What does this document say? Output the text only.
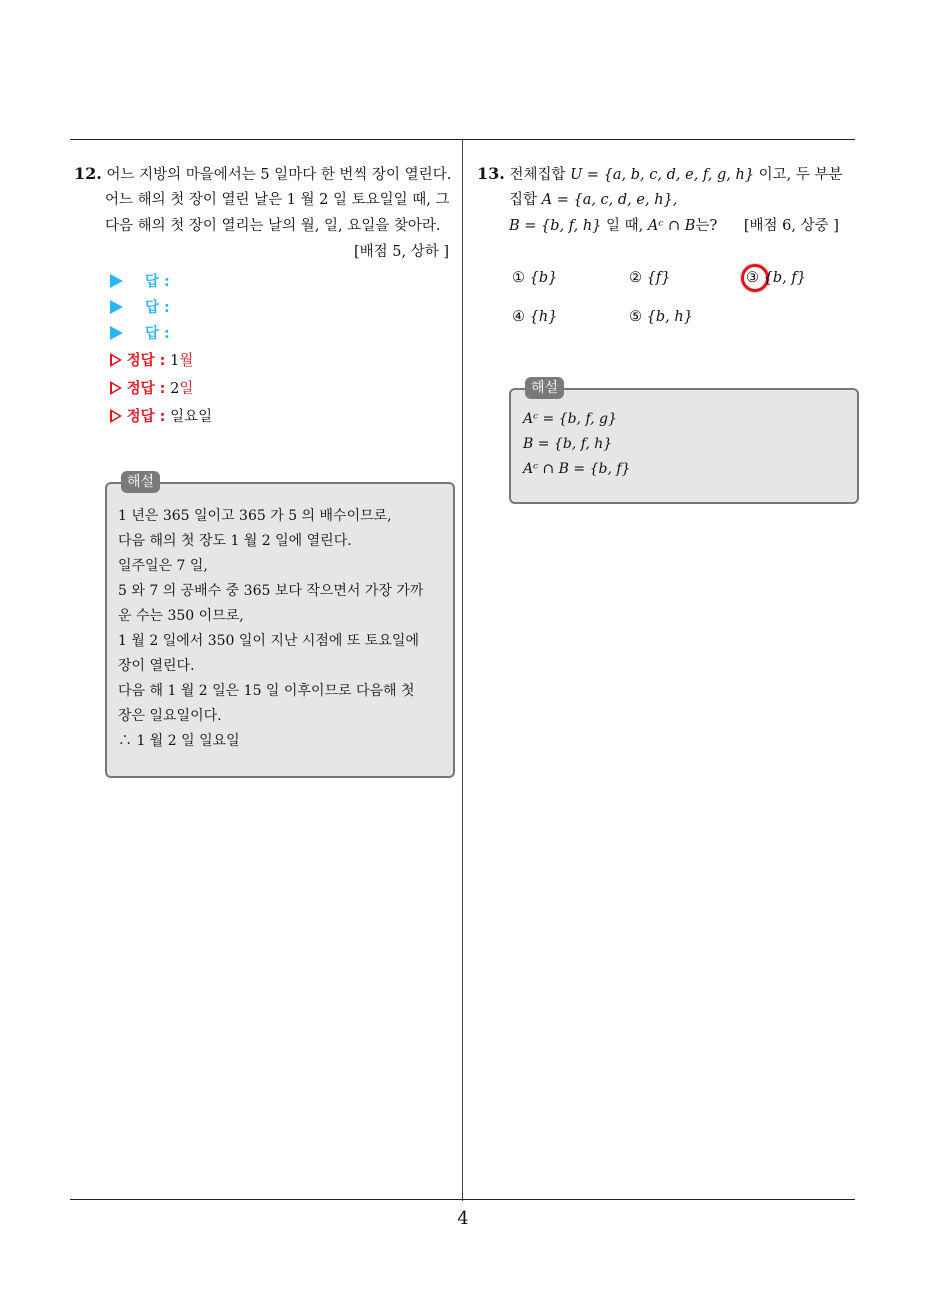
12. 어느 지방의 마을에서는 5 일마다 한 번씩 장이 열린다.
어느 해의 첫 장이 열린 날은 1 월 2 일 토요일일 때, 그
다음 해의 첫 장이 열리는 날의 월, 일, 요일을 찾아라.
[배점 5, 상하 ]
답 :
답 :
답 :
정답 : 1월
정답 : 2일
정답 : 일요일
해설
1 년은 365 일이고 365 가 5 의 배수이므로,
다음 해의 첫 장도 1 월 2 일에 열린다.
일주일은 7 일,
5 와 7 의 공배수 중 365 보다 작으면서 가장 가까
운 수는 350 이므로,
1 월 2 일에서 350 일이 지난 시점에 또 토요일에
장이 열린다.
다음 해 1 월 2 일은 15 일 이후이므로 다음해 첫
장은 일요일이다.
∴ 1 월 2 일 일요일
13. 전체집합 U = {a, b, c, d, e, f, g, h} 이고, 두 부분
집합 A = {a, c, d, e, h},
B = {b, f, h} 일 때, Aᶜ ∩ B는? [배점 6, 상중 ]
① {b}	② {f}	③ {b, f}
④ {h}	⑤ {b, h}
해설
Aᶜ = {b, f, g}
B = {b, f, h}
Aᶜ ∩ B = {b, f}
4
